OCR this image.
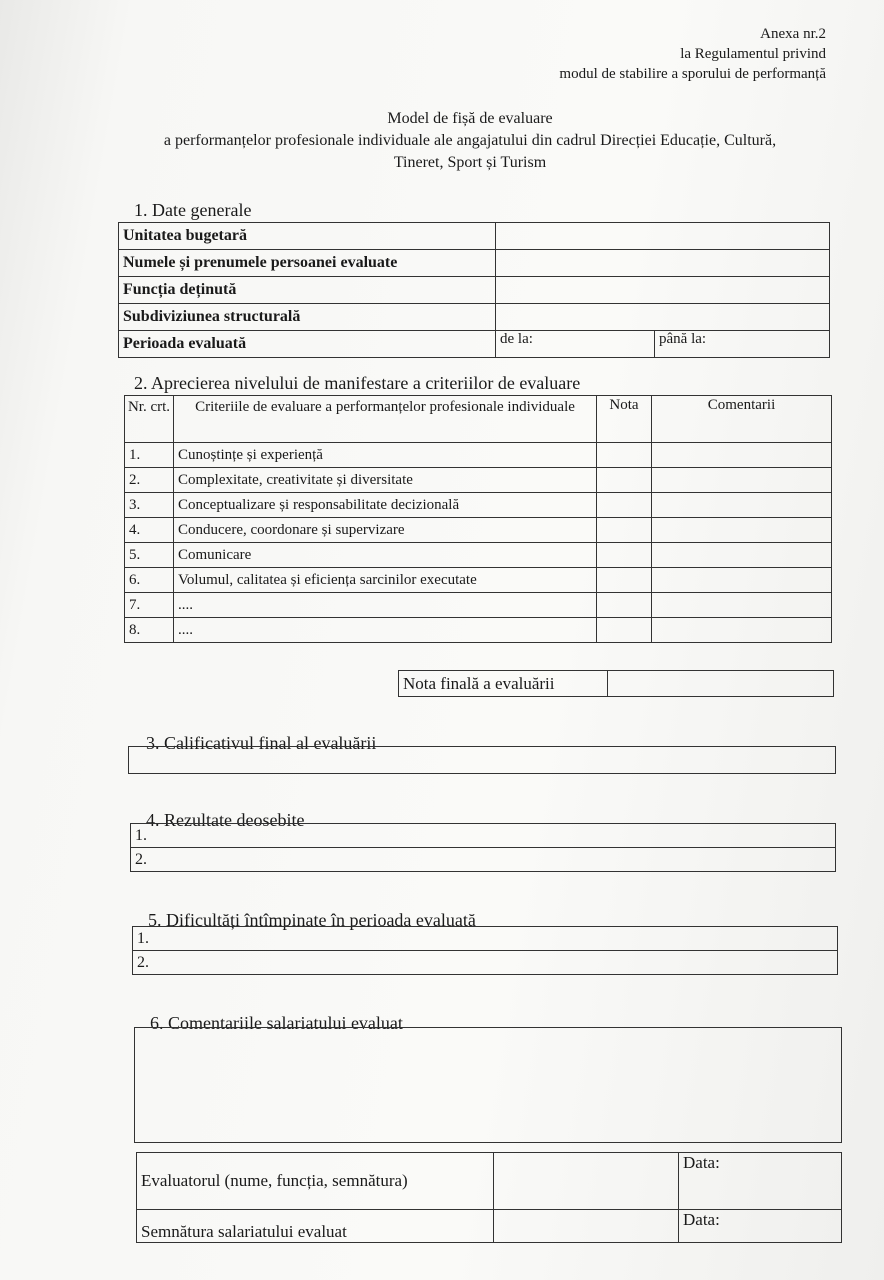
Anexa nr.2
la Regulamentul privind
modul de stabilire a sporului de performanță
Model de fișă de evaluare
a performanțelor profesionale individuale ale angajatului din cadrul Direcției Educație, Cultură,
Tineret, Sport și Turism
1. Date generale
Unitatea bugetară		
Numele și prenumele persoanei evaluate		
Funcția deținută		
Subdiviziunea structurală		
Perioada evaluată	de la:	până la:
2. Aprecierea nivelului de manifestare a criteriilor de evaluare
Nr. crt.	Criteriile de evaluare a performanțelor profesionale individuale	Nota	Comentarii
1.	Cunoștințe și experiență		
2.	Complexitate, creativitate și diversitate		
3.	Conceptualizare și responsabilitate decizională		
4.	Conducere, coordonare și supervizare		
5.	Comunicare		
6.	Volumul, calitatea și eficiența sarcinilor executate		
7.	....		
8.	....		
Nota finală a evaluării	
3. Calificativul final al evaluării
4. Rezultate deosebite
1.
2.
5. Dificultăți întîmpinate în perioada evaluată
1.
2.
6. Comentariile salariatului evaluat
Evaluatorul (nume, funcția, semnătura)		Data:
Semnătura salariatului evaluat		Data:
